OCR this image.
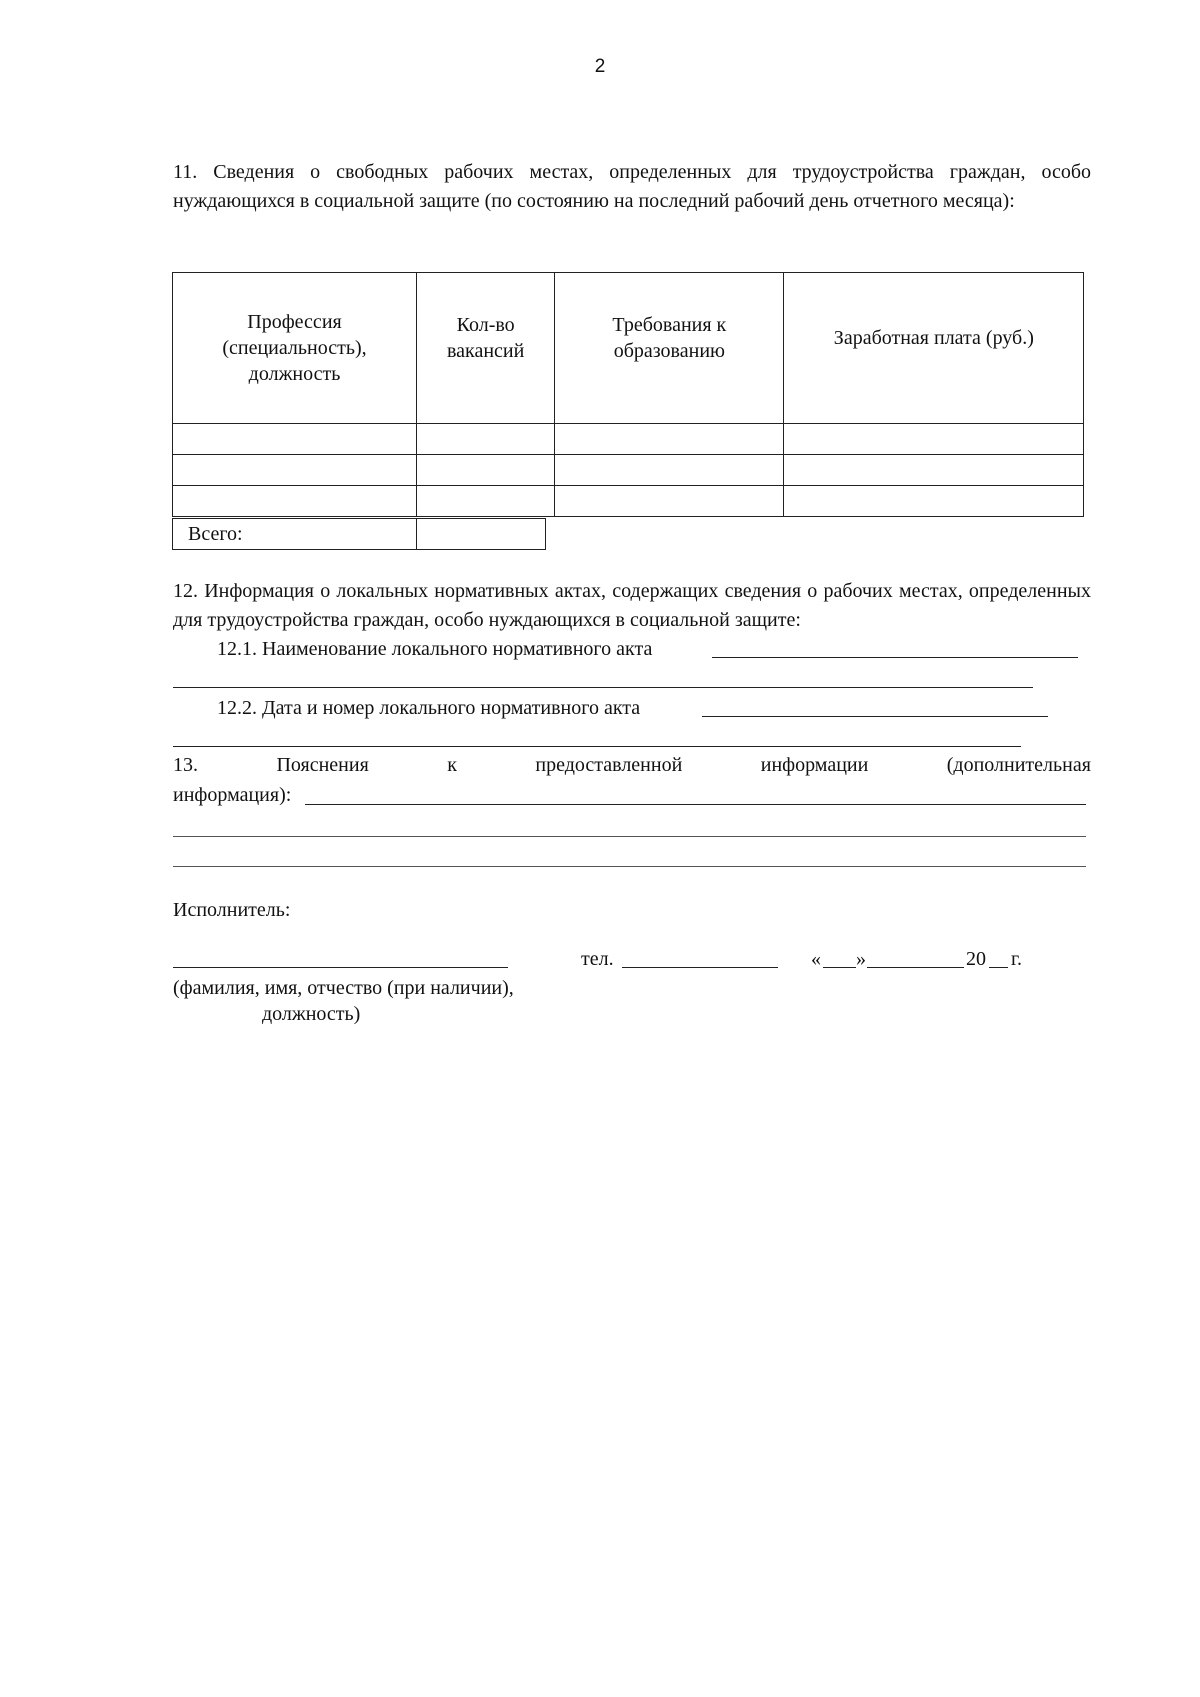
2
11. Сведения о свободных рабочих местах, определенных для трудоустройства граждан, особо нуждающихся в социальной защите (по состоянию на последний рабочий день отчетного месяца):
Профессия (специальность), должность	Кол-во вакансий	Требования к образованию	Заработная плата (руб.)

Всего:	
12. Информация о локальных нормативных актах, содержащих сведения о рабочих местах, определенных для трудоустройства граждан, особо нуждающихся в социальной защите:
12.1. Наименование локального нормативного акта
12.2. Дата и номер локального нормативного акта
13.	Пояснения	к	предоставленной	информации	(дополнительная
информация):
Исполнитель:
тел.	« »	20 г.
(фамилия, имя, отчество (при наличии),
должность)
